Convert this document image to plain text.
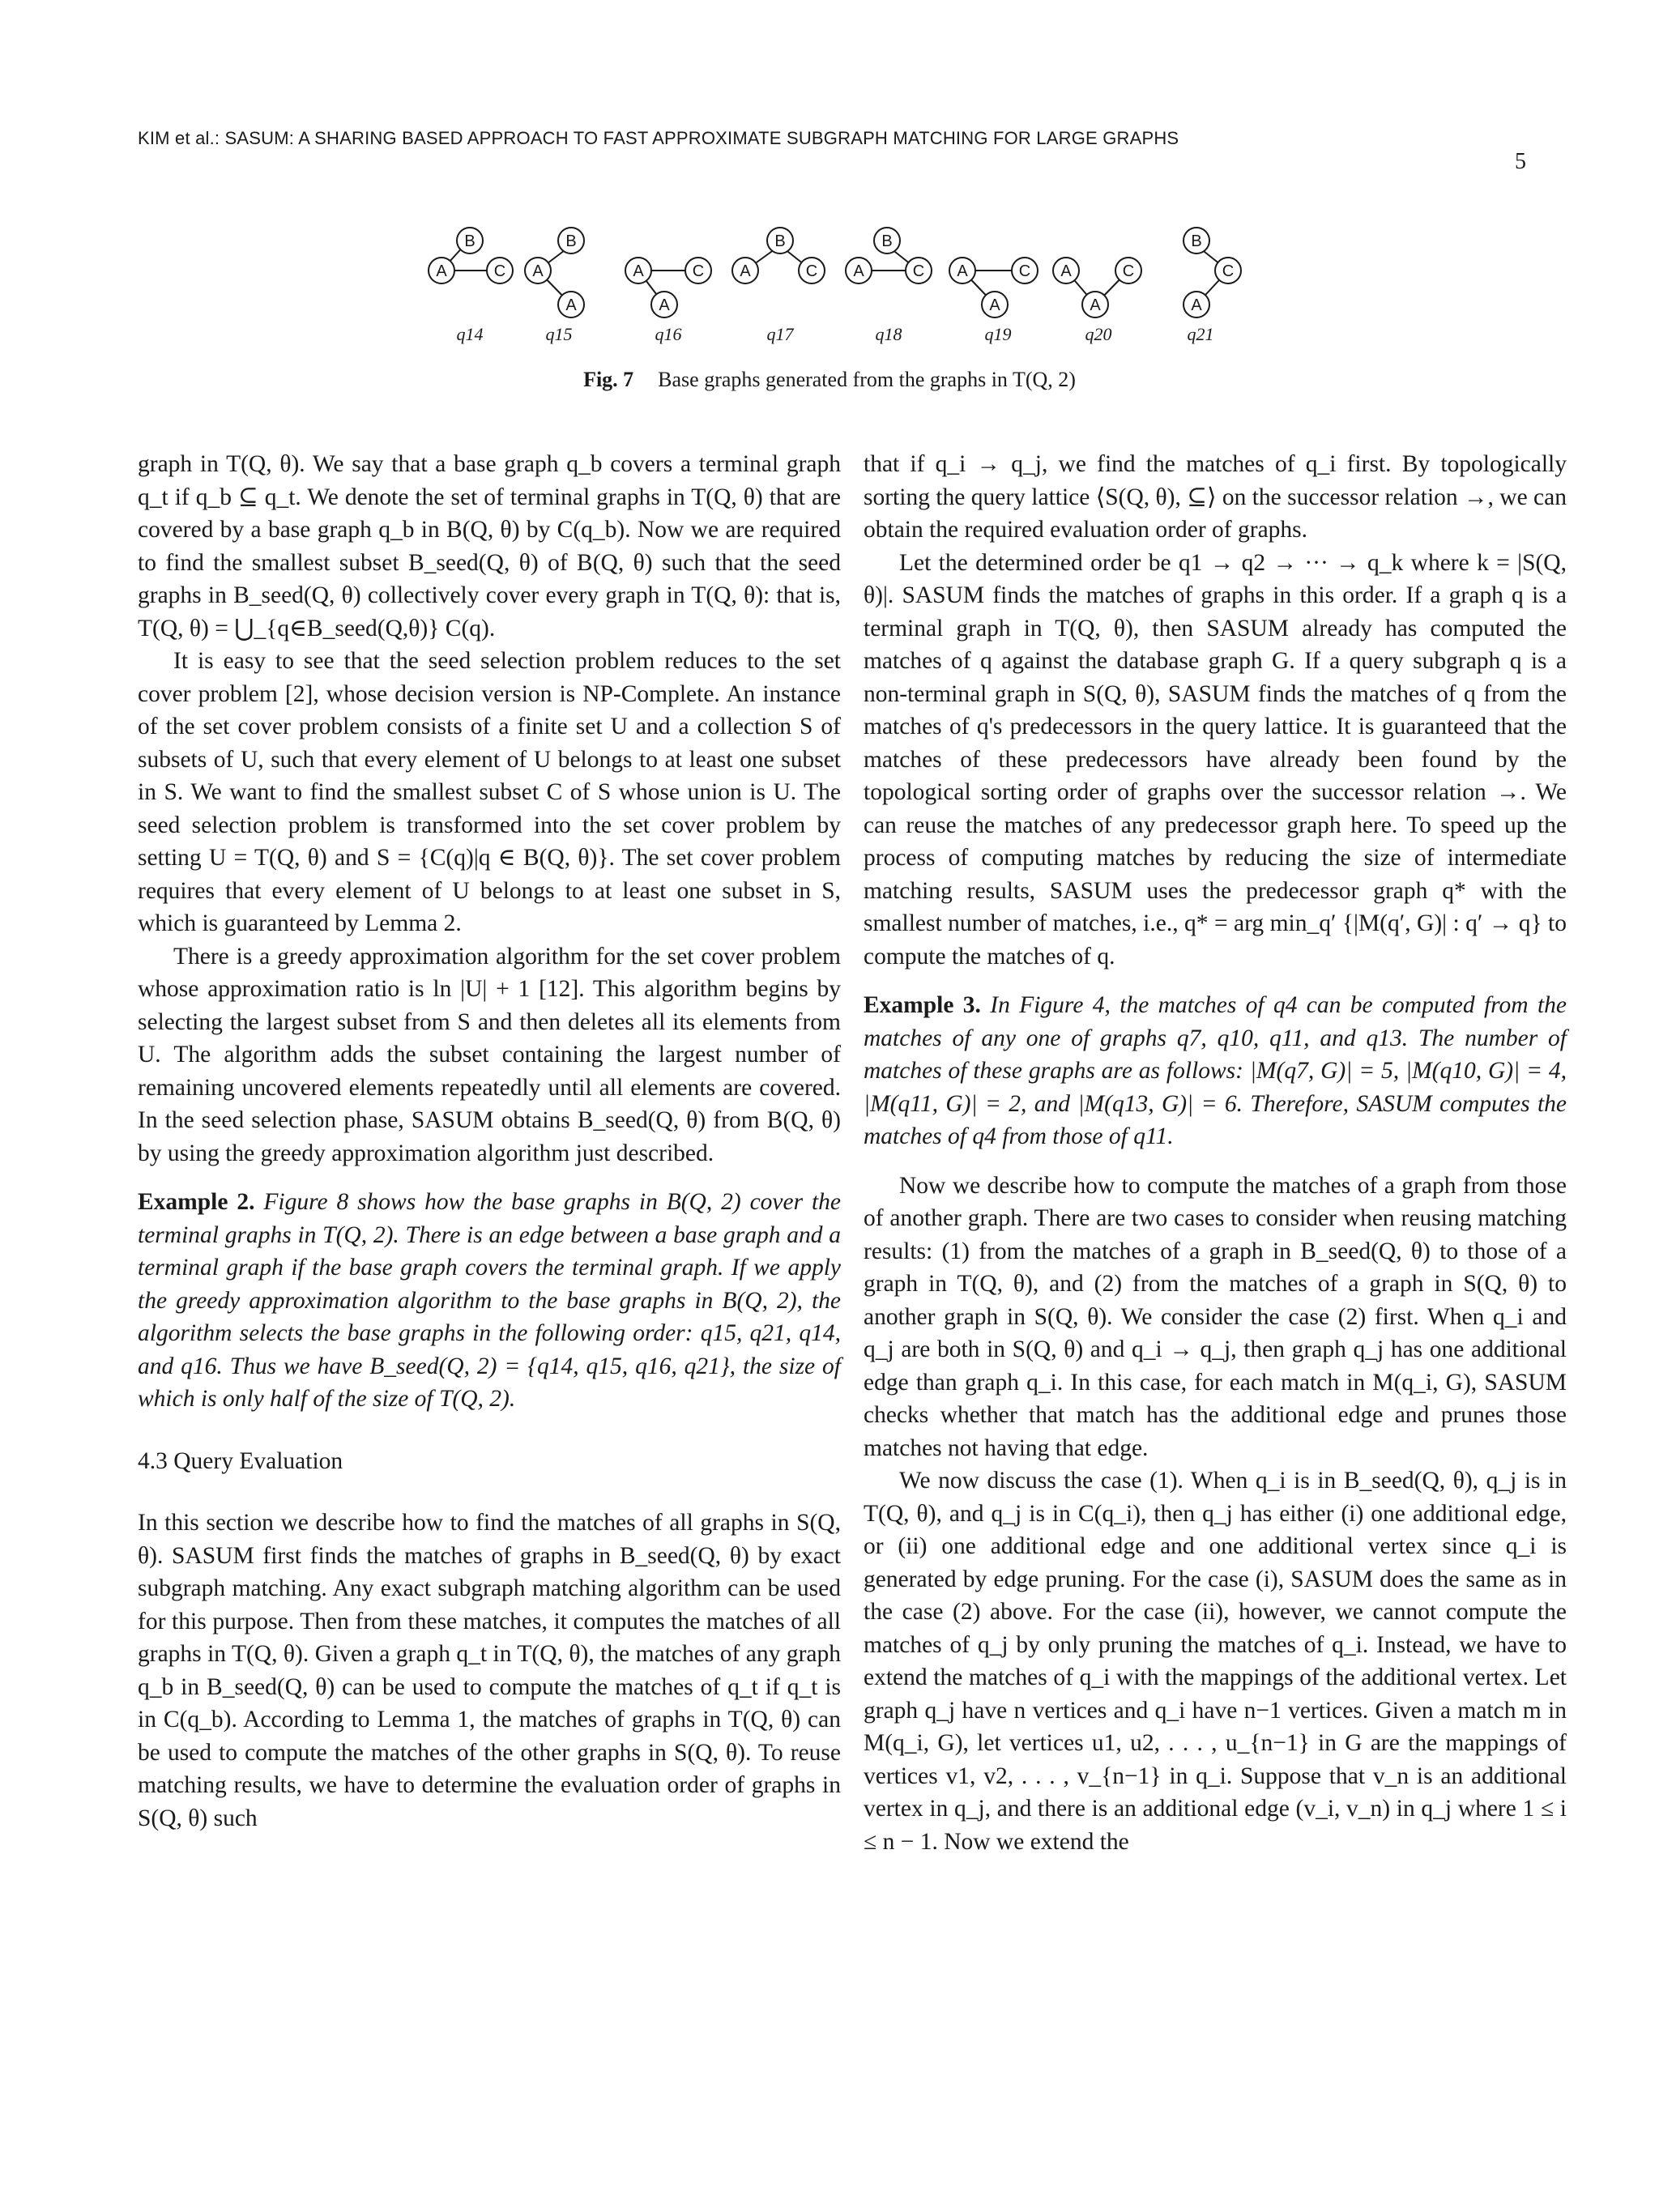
KIM et al.: SASUM: A SHARING BASED APPROACH TO FAST APPROXIMATE SUBGRAPH MATCHING FOR LARGE GRAPHS
5
A
B
C A
B
A
A	C
A
A
B
C A
B
C A	C
A
A
A
C
B
C
A
q14	q15	q16	q17	q18	q19	q20	q21
Fig. 7 Base graphs generated from the graphs in T(Q, 2)

graph in T(Q, θ). We say that a base graph q_b covers a terminal graph q_t if q_b ⊆ q_t. We denote the set of terminal graphs in T(Q, θ) that are covered by a base graph q_b in B(Q, θ) by C(q_b). Now we are required to find the smallest subset B_seed(Q, θ) of B(Q, θ) such that the seed graphs in B_seed(Q, θ) collectively cover every graph in T(Q, θ): that is, T(Q, θ) = ⋃_{q∈B_seed(Q,θ)} C(q).

It is easy to see that the seed selection problem reduces to the set cover problem [2], whose decision version is NP-Complete. An instance of the set cover problem consists of a finite set U and a collection S of subsets of U, such that every element of U belongs to at least one subset in S. We want to find the smallest subset C of S whose union is U. The seed selection problem is transformed into the set cover problem by setting U = T(Q, θ) and S = {C(q)|q ∈ B(Q, θ)}. The set cover problem requires that every element of U belongs to at least one subset in S, which is guaranteed by Lemma 2.

There is a greedy approximation algorithm for the set cover problem whose approximation ratio is ln |U| + 1 [12]. This algorithm begins by selecting the largest subset from S and then deletes all its elements from U. The algorithm adds the subset containing the largest number of remaining uncovered elements repeatedly until all elements are covered. In the seed selection phase, SASUM obtains B_seed(Q, θ) from B(Q, θ) by using the greedy approximation algorithm just described.

Example 2. Figure 8 shows how the base graphs in B(Q, 2) cover the terminal graphs in T(Q, 2). There is an edge between a base graph and a terminal graph if the base graph covers the terminal graph. If we apply the greedy approximation algorithm to the base graphs in B(Q, 2), the algorithm selects the base graphs in the following order: q15, q21, q14, and q16. Thus we have B_seed(Q, 2) = {q14, q15, q16, q21}, the size of which is only half of the size of T(Q, 2).

4.3 Query Evaluation

In this section we describe how to find the matches of all graphs in S(Q, θ). SASUM first finds the matches of graphs in B_seed(Q, θ) by exact subgraph matching. Any exact subgraph matching algorithm can be used for this purpose. Then from these matches, it computes the matches of all graphs in T(Q, θ). Given a graph q_t in T(Q, θ), the matches of any graph q_b in B_seed(Q, θ) can be used to compute the matches of q_t if q_t is in C(q_b). According to Lemma 1, the matches of graphs in T(Q, θ) can be used to compute the matches of the other graphs in S(Q, θ). To reuse matching results, we have to determine the evaluation order of graphs in S(Q, θ) such

that if q_i → q_j, we find the matches of q_i first. By topologically sorting the query lattice ⟨S(Q, θ), ⊆⟩ on the successor relation →, we can obtain the required evaluation order of graphs.

Let the determined order be q1 → q2 → ··· → q_k where k = |S(Q, θ)|. SASUM finds the matches of graphs in this order. If a graph q is a terminal graph in T(Q, θ), then SASUM already has computed the matches of q against the database graph G. If a query subgraph q is a non-terminal graph in S(Q, θ), SASUM finds the matches of q from the matches of q's predecessors in the query lattice. It is guaranteed that the matches of these predecessors have already been found by the topological sorting order of graphs over the successor relation →. We can reuse the matches of any predecessor graph here. To speed up the process of computing matches by reducing the size of intermediate matching results, SASUM uses the predecessor graph q* with the smallest number of matches, i.e., q* = arg min_q′ {|M(q′, G)| : q′ → q} to compute the matches of q.

Example 3. In Figure 4, the matches of q4 can be computed from the matches of any one of graphs q7, q10, q11, and q13. The number of matches of these graphs are as follows: |M(q7, G)| = 5, |M(q10, G)| = 4, |M(q11, G)| = 2, and |M(q13, G)| = 6. Therefore, SASUM computes the matches of q4 from those of q11.

Now we describe how to compute the matches of a graph from those of another graph. There are two cases to consider when reusing matching results: (1) from the matches of a graph in B_seed(Q, θ) to those of a graph in T(Q, θ), and (2) from the matches of a graph in S(Q, θ) to another graph in S(Q, θ). We consider the case (2) first. When q_i and q_j are both in S(Q, θ) and q_i → q_j, then graph q_j has one additional edge than graph q_i. In this case, for each match in M(q_i, G), SASUM checks whether that match has the additional edge and prunes those matches not having that edge.

We now discuss the case (1). When q_i is in B_seed(Q, θ), q_j is in T(Q, θ), and q_j is in C(q_i), then q_j has either (i) one additional edge, or (ii) one additional edge and one additional vertex since q_i is generated by edge pruning. For the case (i), SASUM does the same as in the case (2) above. For the case (ii), however, we cannot compute the matches of q_j by only pruning the matches of q_i. Instead, we have to extend the matches of q_i with the mappings of the additional vertex. Let graph q_j have n vertices and q_i have n−1 vertices. Given a match m in M(q_i, G), let vertices u1, u2, . . . , u_{n−1} in G are the mappings of vertices v1, v2, . . . , v_{n−1} in q_i. Suppose that v_n is an additional vertex in q_j, and there is an additional edge (v_i, v_n) in q_j where 1 ≤ i ≤ n − 1. Now we extend the
